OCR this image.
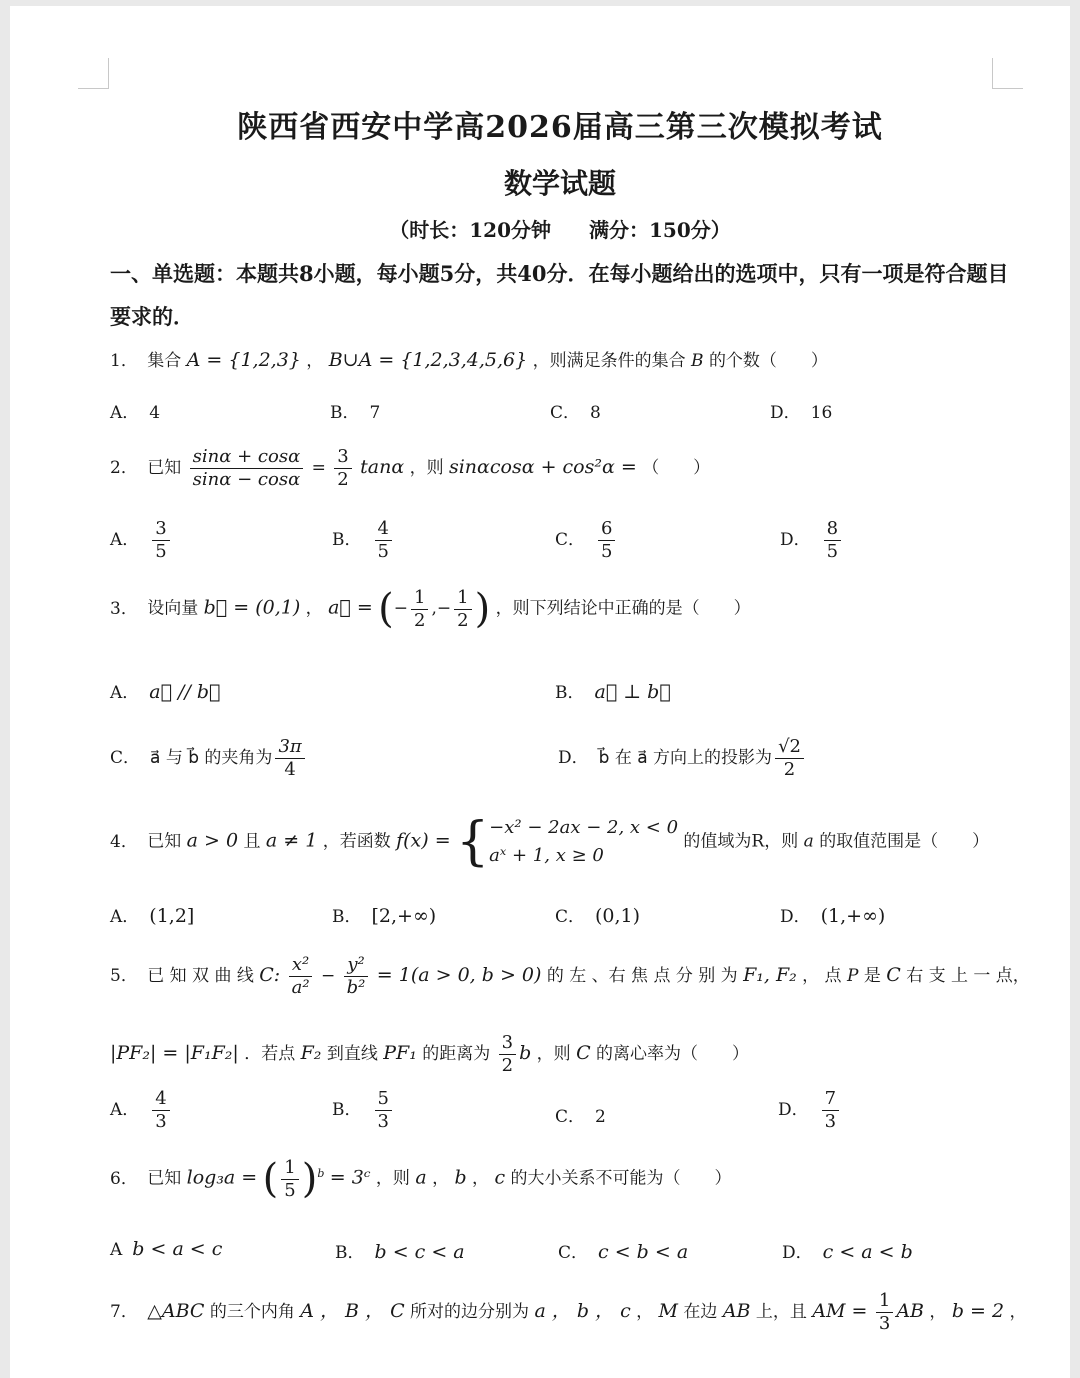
陕西省西安中学高2026届高三第三次模拟考试
数学试题
（时长：120分钟 满分：150分）
一、单选题：本题共8小题，每小题5分，共40分．在每小题给出的选项中，只有一项是符合题目要求的．
1． 集合 A = {1,2,3} ， B∪A = {1,2,3,4,5,6} ，则满足条件的集合 B 的个数（　　）
A． 4	B． 7	C． 8	D． 16
2． 已知 $\frac{\sin\alpha + \cos\alpha}{\sin\alpha - \cos\alpha} = \frac{3}{2}$ tanα ，则 sinαcosα + cos²α = （　　）
A． $\frac{3}{5}$	B． $\frac{4}{5}$	C． $\frac{6}{5}$	D． $\frac{8}{5}$
3． 设向量 b⃗ = (0,1) ， a⃗ = (− $\frac{1}{2}$ ,− $\frac{1}{2}$ ) ，则下列结论中正确的是（　　）
A． a⃗ // b⃗	B． a⃗ ⊥ b⃗
C． a⃗ 与 b⃗ 的夹角为 $\frac{3\pi}{4}$	D． b⃗ 在 a⃗ 方向上的投影为 $\frac{√2}{2}$
4． 已知 a > 0 且 a ≠ 1 ，若函数 f(x) = { −x² − 2ax − 2, x < 0
aˣ + 1, x ≥ 0
的值域为R，则 a 的取值范围是（　　）
A． (1,2]	B． [2,+∞)	C． (0,1)	D． (1,+∞)
5． 已 知 双 曲 线 C: $\frac{\text{x²}}{\text{a²}} - \frac{\text{y²}}{\text{b²}} = 1(a > 0$, b > 0) 的 左 、右 焦 点 分 别 为 F₁, F₂ ， 点 P 是 C 右 支 上 一 点，
|PF₂| = |F₁F₂| ．若点 F₂ 到直线 PF₁ 的距离为 $\frac{3}{2}$ b ，则 C 的离心率为（　　）
A． $\frac{4}{3}$	B． $\frac{5}{3}$	C． 2	D． $\frac{7}{3}$
6． 已知 log₃a = ( $\frac{1}{5} )^b$ = 3ᶜ ，则 a ， b ， c 的大小关系不可能为（　　）
A b < a < c	B． b < c < a	C． c < b < a	D． c < a < b
7． △ABC 的三个内角 A ， B ， C 所对的边分别为 a ， b ， c ， M 在边 AB 上，且 AM = $\frac{1}{3}$ AB ， b = 2 ，
